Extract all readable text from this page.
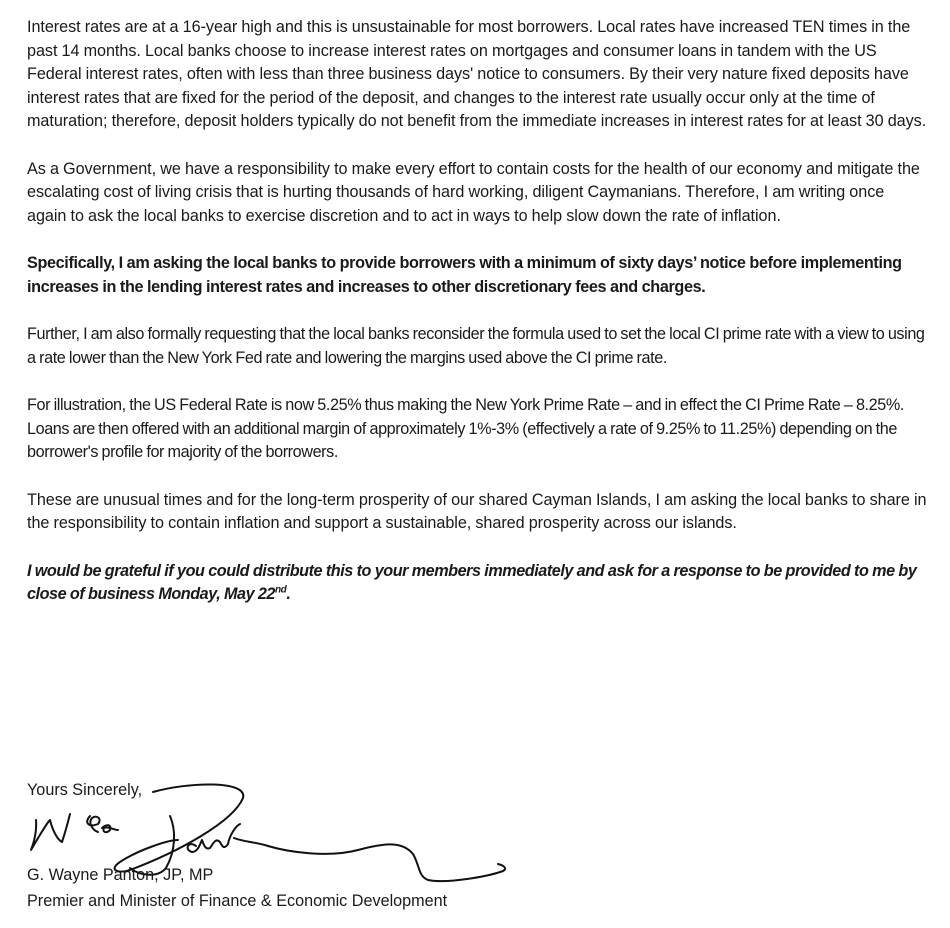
Interest rates are at a 16-year high and this is unsustainable for most borrowers. Local rates have increased TEN times in the past 14 months. Local banks choose to increase interest rates on mortgages and consumer loans in tandem with the US Federal interest rates, often with less than three business days' notice to consumers. By their very nature fixed deposits have interest rates that are fixed for the period of the deposit, and changes to the interest rate usually occur only at the time of maturation; therefore, deposit holders typically do not benefit from the immediate increases in interest rates for at least 30 days.

As a Government, we have a responsibility to make every effort to contain costs for the health of our economy and mitigate the escalating cost of living crisis that is hurting thousands of hard working, diligent Caymanians. Therefore, I am writing once again to ask the local banks to exercise discretion and to act in ways to help slow down the rate of inflation.

Specifically, I am asking the local banks to provide borrowers with a minimum of sixty days’ notice before implementing increases in the lending interest rates and increases to other discretionary fees and charges.

Further, I am also formally requesting that the local banks reconsider the formula used to set the local CI prime rate with a view to using a rate lower than the New York Fed rate and lowering the margins used above the CI prime rate.

For illustration, the US Federal Rate is now 5.25% thus making the New York Prime Rate – and in effect the CI Prime Rate – 8.25%. Loans are then offered with an additional margin of approximately 1%-3% (effectively a rate of 9.25% to 11.25%) depending on the borrower's profile for majority of the borrowers.

These are unusual times and for the long-term prosperity of our shared Cayman Islands, I am asking the local banks to share in the responsibility to contain inflation and support a sustainable, shared prosperity across our islands.

I would be grateful if you could distribute this to your members immediately and ask for a response to be provided to me by close of business Monday, May 22nd.

Yours Sincerely,
G. Wayne Panton, JP, MP
Premier and Minister of Finance & Economic Development
